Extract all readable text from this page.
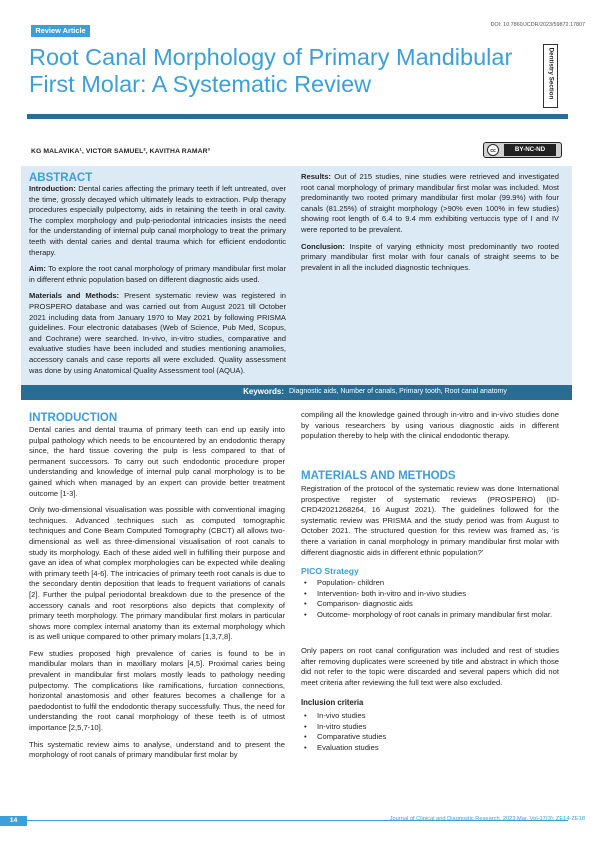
Review Article
DOI: 10.7860/JCDR/2023/59872.17807
Root Canal Morphology of Primary Mandibular First Molar: A Systematic Review	Dentistry Section
KG MALAVIKA¹, VICTOR SAMUEL², KAVITHA RAMAR³	cc	BY-NC-ND
ABSTRACT

Introduction: Dental caries affecting the primary teeth if left untreated, over the time, grossly decayed which ultimately leads to extraction. Pulp therapy procedures especially pulpectomy, aids in retaining the teeth in oral cavity. The complex morphology and pulp-periodontal intricacies insists the need for the understanding of internal pulp canal morphology to treat the primary teeth with dental caries and dental trauma which for efficient endodontic therapy.

Aim: To explore the root canal morphology of primary mandibular first molar in different ethnic population based on different diagnostic aids used.

Materials and Methods: Present systematic review was registered in PROSPERO database and was carried out from August 2021 till October 2021 including data from January 1970 to May 2021 by following PRISMA guidelines. Four electronic databases (Web of Science, Pub Med, Scopus, and Cochrane) were searched. In-vivo, in-vitro studies, comparative and evaluative studies have been included and studies mentioning anamolies, accessory canals and case reports all were excluded. Quality assessment was done by using Anatomical Quality Assessment tool (AQUA).

Results: Out of 215 studies, nine studies were retrieved and investigated root canal morphology of primary mandibular first molar was included. Most predominantly two rooted primary mandibular first molar (99.9%) with four canals (81.25%) of straight morphology (>90% even 100% in few studies) showing root length of 6.4 to 9.4 mm exhibiting vertuccis type of I and IV were reported to be prevalent.

Conclusion: Inspite of varying ethnicity most predominantly two rooted primary mandibular first molar with four canals of straight seems to be prevalent in all the included diagnostic techniques.

Keywords: Diagnostic aids, Number of canals, Primary tooth, Root canal anatomy
INTRODUCTION

Dental caries and dental trauma of primary teeth can end up easily into pulpal pathology which needs to be encountered by an endodontic therapy since, the hard tissue covering the pulp is less compared to that of permanent successors. To carry out such endodontic procedure proper understanding and knowledge of internal pulp canal morphology is to be gained which when managed by an expert can provide better treatment outcome [1-3].

Only two-dimensional visualisation was possible with conventional imaging techniques. Advanced techniques such as computed tomographic techniques and Cone Beam Computed Tomography (CBCT) all allows two-dimensional as well as three-dimensional visualisation of root canals to study its morphology. Each of these aided well in fulfilling their purpose and gave an idea of what complex morphologies can be expected while dealing with primary teeth [4-6]. The intricacies of primary teeth root canals is due to the secondary dentin deposition that leads to frequent variations of canals [2]. Further the pulpal periodontal breakdown due to the presence of the accessory canals and root resorptions also depicts that complexity of primary teeth morphology. The primary mandibular first molars in particular shows more complex internal anatomy than its external morphology which is as well unique compared to other primary molars [1,3,7,8].

Few studies proposed high prevalence of caries is found to be in mandibular molars than in maxillary molars [4,5]. Proximal caries being prevalent in mandibular first molars mostly leads to pathology needing pulpectomy. The complications like ramifications, furcation connections, horizontal anastomosis and other features becomes a challenge for a paedodontist to fulfil the endodontic therapy successfully. Thus, the need for understanding the root canal morphology of these teeth is of utmost importance [2,5,7-10].

This systematic review aims to analyse, understand and to present the morphology of root canals of primary mandibular first molar by

compiling all the knowledge gained through in-vitro and in-vivo studies done by various researchers by using various diagnostic aids in different population thereby to help with the clinical endodontic therapy.

MATERIALS AND METHODS

Registration of the protocol of the systematic review was done International prospective register of systematic reviews (PROSPERO) (ID-CRD42021268264, 16 August 2021). The guidelines followed for the systematic review was PRISMA and the study period was from August to October 2021. The structured question for this review was framed as, ‘is there a variation in canal morphology in primary mandibular first molar with different diagnostic aids in different ethnic population?’

PICO Strategy
• Population- children
• Intervention- both in-vitro and in-vivo studies
• Comparison- diagnostic aids
• Outcome- morphology of root canals in primary mandibular first molar.

Only papers on root canal configuration was included and rest of studies after removing duplicates were screened by title and abstract in which those did not refer to the topic were discarded and several papers which did not meet criteria after reviewing the full text were also excluded.

Inclusion criteria
• In-vivo studies
• In-vitro studies
• Comparative studies
• Evaluation studies
14	Journal of Clinical and Diagnostic Research. 2023 Mar, Vol-17(3): ZE14-ZE18
